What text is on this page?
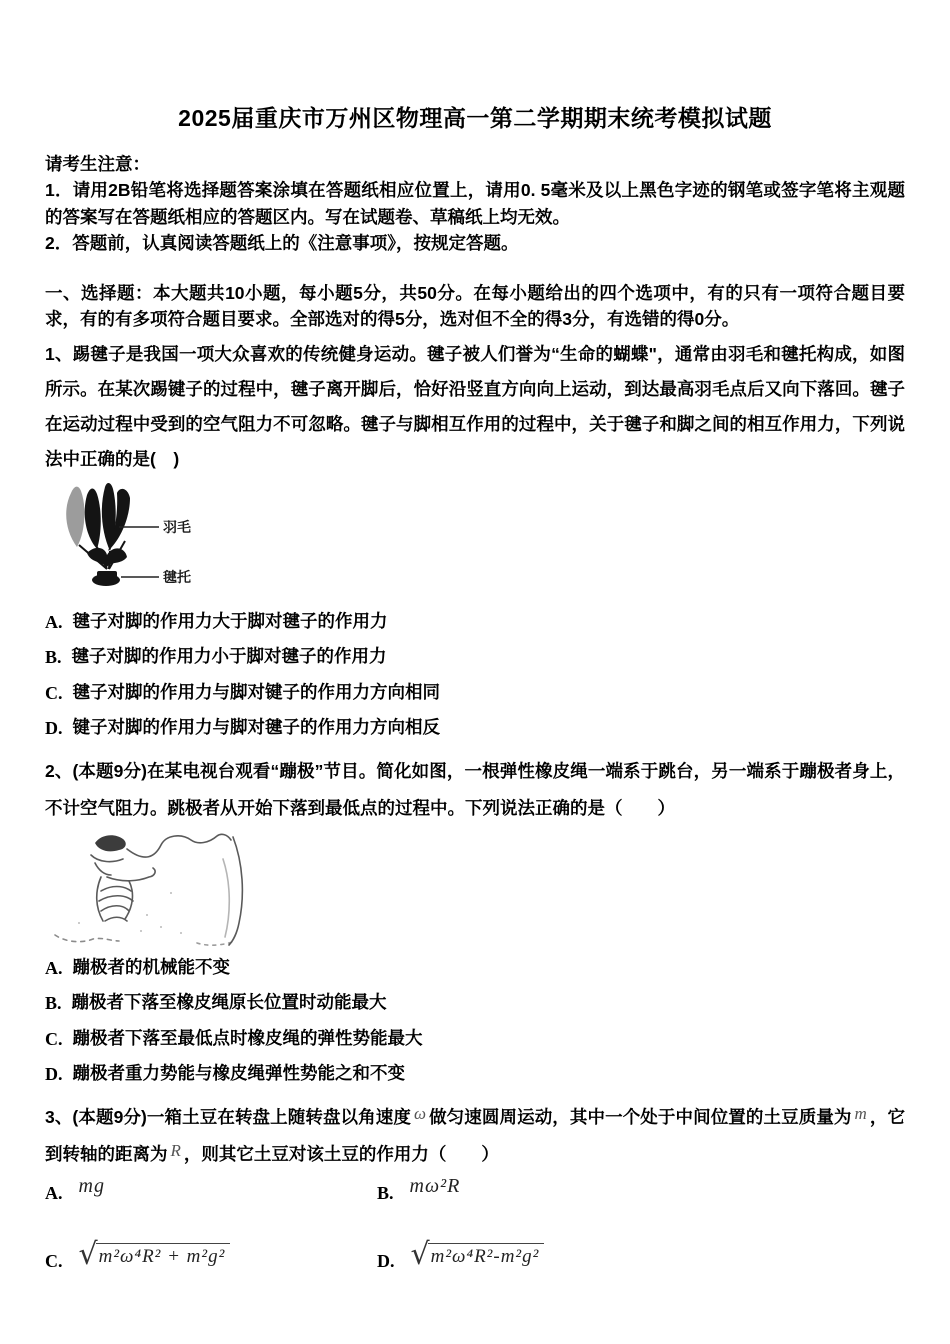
2025届重庆市万州区物理高一第二学期期末统考模拟试题

请考生注意：

1．请用2B铅笔将选择题答案涂填在答题纸相应位置上，请用0. 5毫米及以上黑色字迹的钢笔或签字笔将主观题的答案写在答题纸相应的答题区内。写在试题卷、草稿纸上均无效。

2．答题前，认真阅读答题纸上的《注意事项》，按规定答题。

一、选择题：本大题共10小题，每小题5分，共50分。在每小题给出的四个选项中，有的只有一项符合题目要求，有的有多项符合题目要求。全部选对的得5分，选对但不全的得3分，有选错的得0分。

1、踢毽子是我国一项大众喜欢的传统健身运动。毽子被人们誉为“生命的蝴蝶"，通常由羽毛和毽托构成，如图所示。在某次踢键子的过程中，毽子离开脚后，恰好沿竖直方向向上运动，到达最高羽毛点后又向下落回。毽子在运动过程中受到的空气阻力不可忽略。毽子与脚相互作用的过程中，关于毽子和脚之间的相互作用力，下列说法中正确的是(　)

羽毛
毽托
A. 毽子对脚的作用力大于脚对毽子的作用力
B. 毽子对脚的作用力小于脚对毽子的作用力
C. 毽子对脚的作用力与脚对键子的作用力方向相同
D. 键子对脚的作用力与脚对毽子的作用力方向相反

2、(本题9分)在某电视台观看“蹦极”节目。简化如图，一根弹性橡皮绳一端系于跳台，另一端系于蹦极者身上，不计空气阻力。跳极者从开始下落到最低点的过程中。下列说法正确的是（　　）

A. 蹦极者的机械能不变
B. 蹦极者下落至橡皮绳原长位置时动能最大
C. 蹦极者下落至最低点时橡皮绳的弹性势能最大
D. 蹦极者重力势能与橡皮绳弹性势能之和不变

3、(本题9分)一箱土豆在转盘上随转盘以角速度 ω 做匀速圆周运动，其中一个处于中间位置的土豆质量为 m ，它到转轴的距离为 R ，则其它土豆对该土豆的作用力（　　）

A. mg	B. mω²R
C. √ m²ω⁴R² + m²g²	D. √ m²ω⁴R²-m²g²
